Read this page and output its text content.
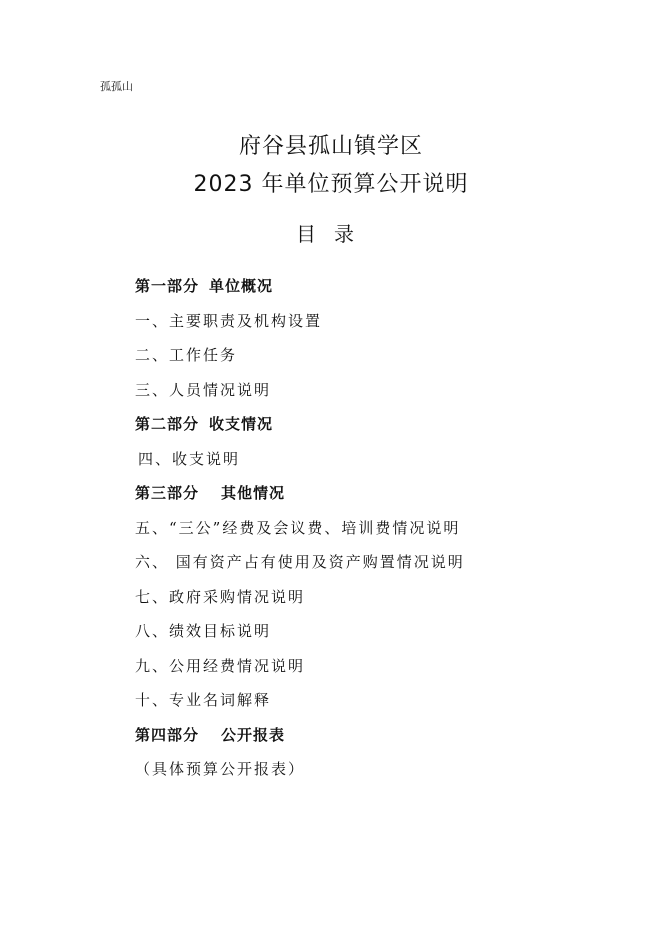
孤孤山
府谷县孤山镇学区
2023 年单位预算公开说明
目录
第一部分 单位概况
一、主要职责及机构设置
二、工作任务
三、人员情况说明
第二部分 收支情况
四、收支说明
第三部分 其他情况
五、“三公”经费及会议费、培训费情况说明
六、 国有资产占有使用及资产购置情况说明
七、政府采购情况说明
八、绩效目标说明
九、公用经费情况说明
十、专业名词解释
第四部分 公开报表
（具体预算公开报表）
